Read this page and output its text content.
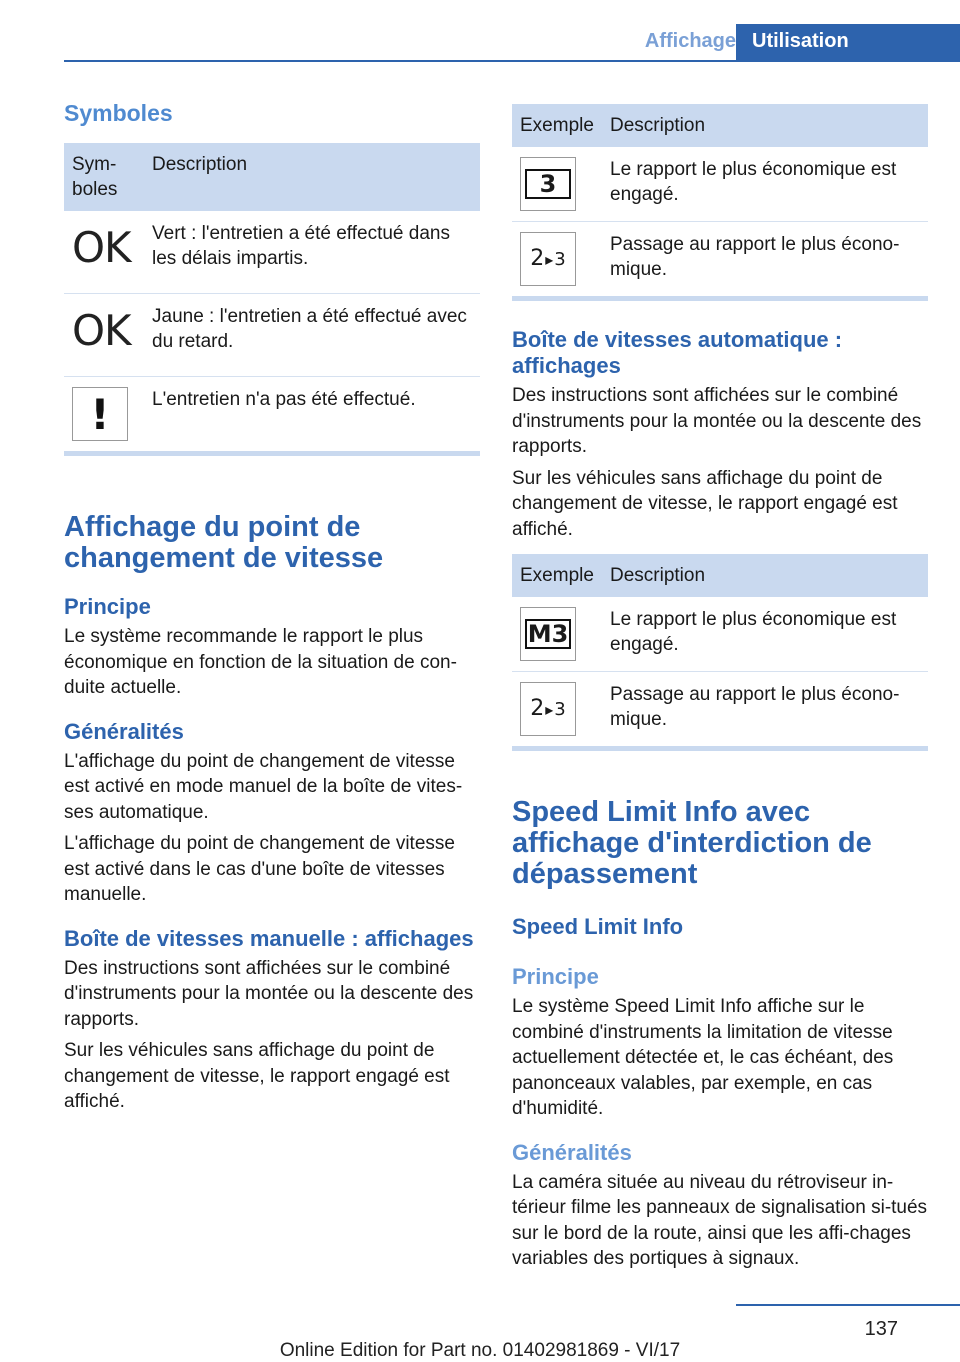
Affichage Utilisation
Symboles
Sym-
boles	Description

OK	Vert : l'entretien a été effectué dans les délais impartis.

OK	Jaune : l'entretien a été effectué avec du retard.

!	L'entretien n'a pas été effectué.
Affichage du point de changement de vitesse
Principe

Le système recommande le rapport le plus économique en fonction de la situation de con-duite actuelle.

Généralités

L'affichage du point de changement de vitesse est activé en mode manuel de la boîte de vites-ses automatique.

L'affichage du point de changement de vitesse est activé dans le cas d'une boîte de vitesses manuelle.

Boîte de vitesses manuelle : affichages

Des instructions sont affichées sur le combiné d'instruments pour la montée ou la descente des rapports.

Sur les véhicules sans affichage du point de changement de vitesse, le rapport engagé est affiché.

Exemple	Description

3	Le rapport le plus économique est engagé.

2 ▸ 3	Passage au rapport le plus écono-mique.
Boîte de vitesses automatique : affichages

Des instructions sont affichées sur le combiné d'instruments pour la montée ou la descente des rapports.

Sur les véhicules sans affichage du point de changement de vitesse, le rapport engagé est affiché.

Exemple	Description

M3	Le rapport le plus économique est engagé.

2 ▸ 3	Passage au rapport le plus écono-mique.
Speed Limit Info avec affichage d'interdiction de dépassement
Speed Limit Info
Principe

Le système Speed Limit Info affiche sur le combiné d'instruments la limitation de vitesse actuellement détectée et, le cas échéant, des panonceaux valables, par exemple, en cas d'humidité.

Généralités

La caméra située au niveau du rétroviseur in-térieur filme les panneaux de signalisation si-tués sur le bord de la route, ainsi que les affi-chages variables des portiques à signaux.

137
Online Edition for Part no. 01402981869 - VI/17
